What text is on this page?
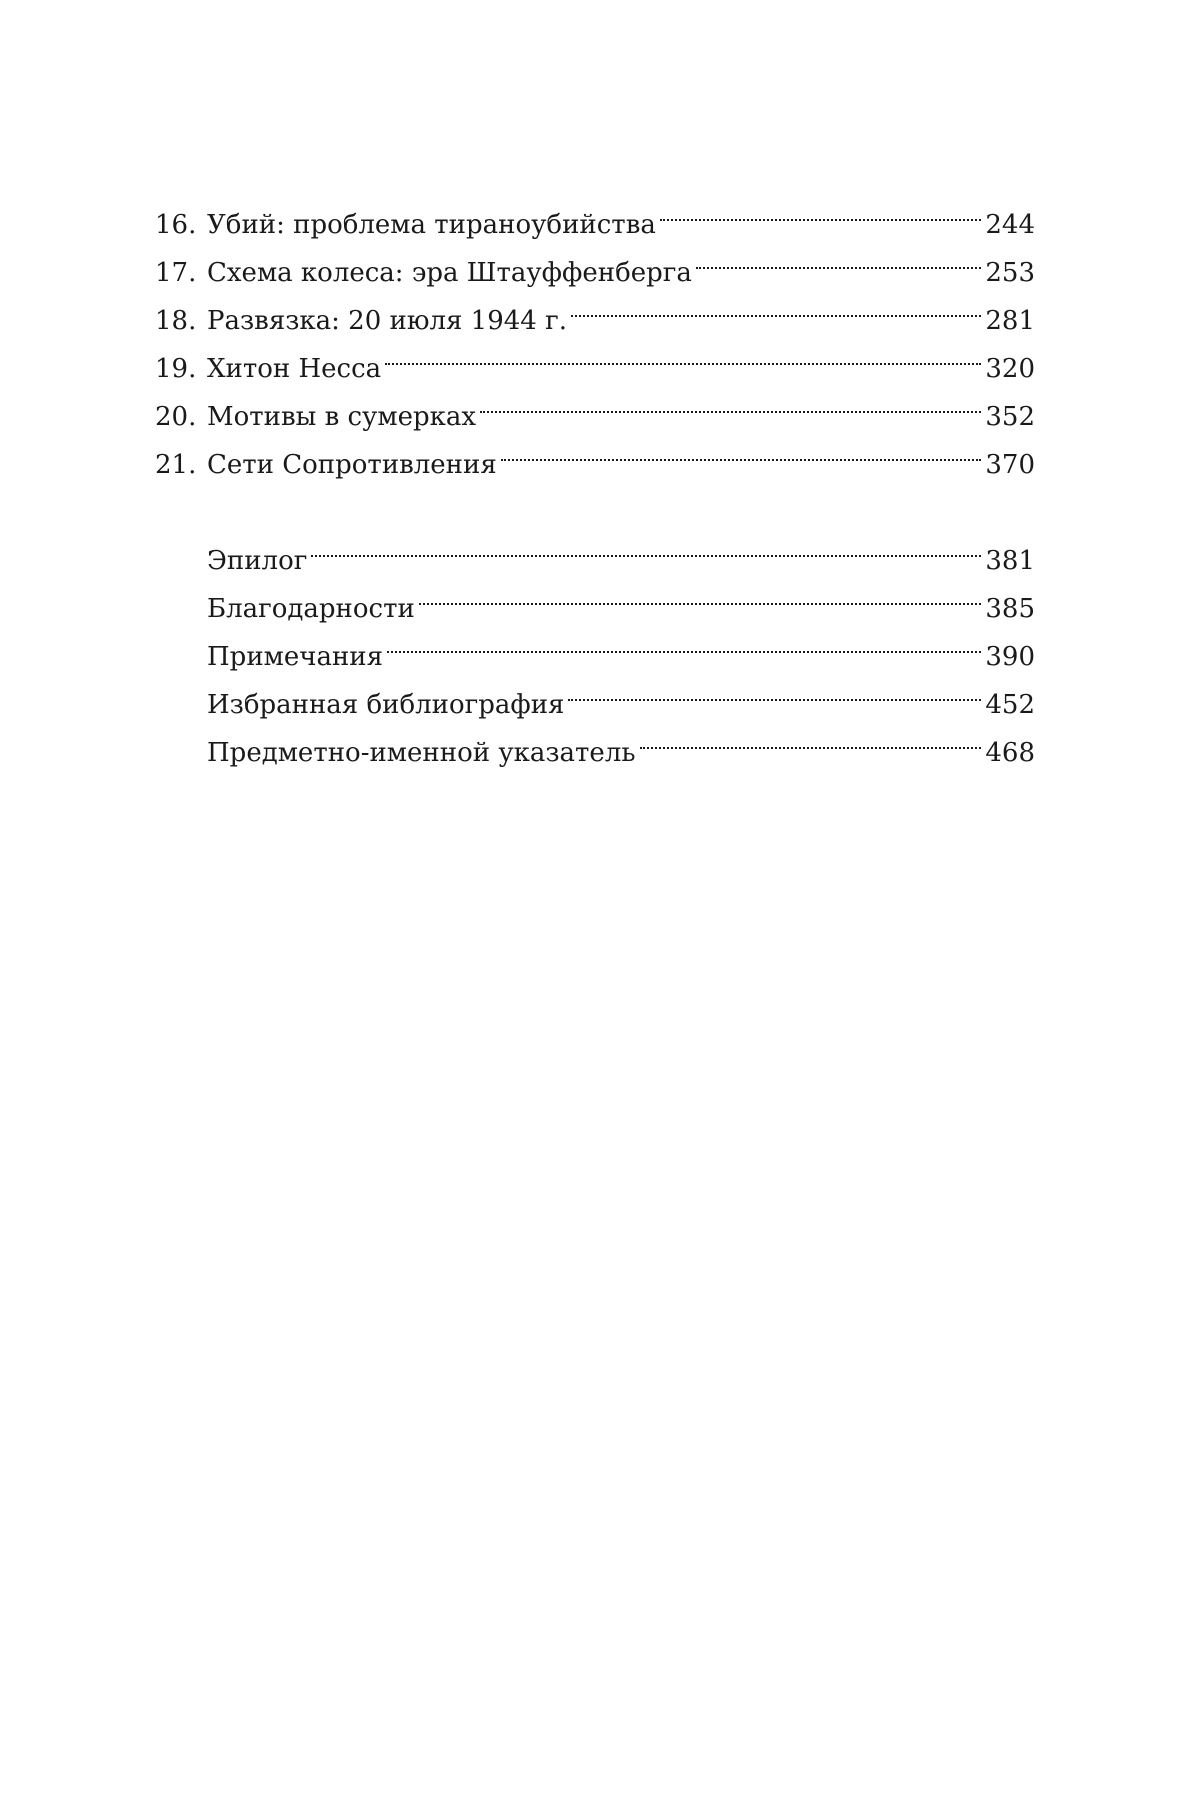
16. Убий: проблема тираноубийства	244
17. Схема колеса: эра Штауффенберга	253
18. Развязка: 20 июля 1944 г.	281
19. Хитон Несса	320
20. Мотивы в сумерках	352
21. Сети Сопротивления	370
Эпилог	381
Благодарности	385
Примечания	390
Избранная библиография	452
Предметно-именной указатель	468
